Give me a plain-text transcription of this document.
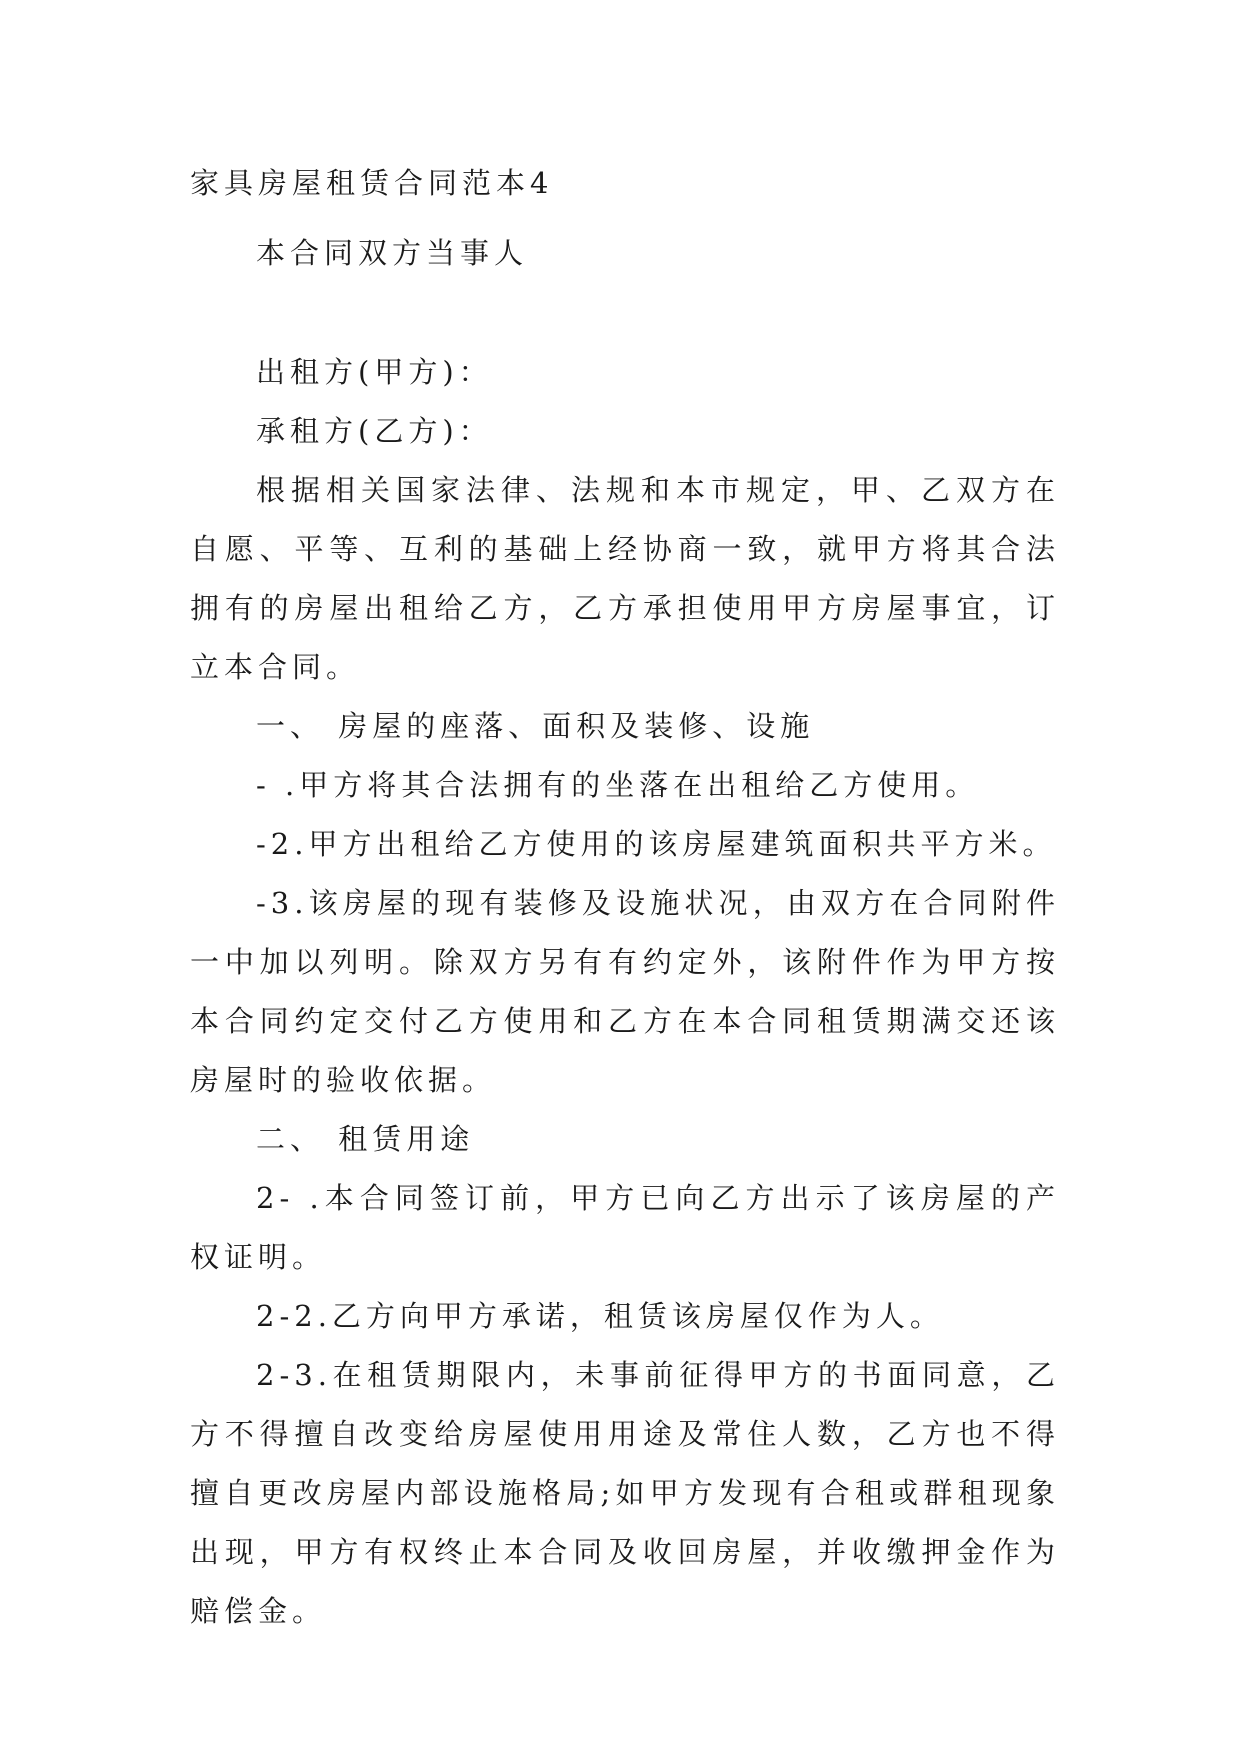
家具房屋租赁合同范本4

本合同双方当事人

出租方(甲方)：

承租方(乙方)：

根据相关国家法律、法规和本市规定，甲、乙双方在自愿、平等、互利的基础上经协商一致，就甲方将其合法拥有的房屋出租给乙方，乙方承担使用甲方房屋事宜，订立本合同。

一、 房屋的座落、面积及装修、设施

- .甲方将其合法拥有的坐落在出租给乙方使用。

-2.甲方出租给乙方使用的该房屋建筑面积共平方米。

-3.该房屋的现有装修及设施状况，由双方在合同附件一中加以列明。除双方另有有约定外，该附件作为甲方按本合同约定交付乙方使用和乙方在本合同租赁期满交还该房屋时的验收依据。

二、 租赁用途

2- .本合同签订前，甲方已向乙方出示了该房屋的产权证明。

2-2.乙方向甲方承诺，租赁该房屋仅作为人。

2-3.在租赁期限内，未事前征得甲方的书面同意，乙方不得擅自改变给房屋使用用途及常住人数，乙方也不得擅自更改房屋内部设施格局;如甲方发现有合租或群租现象出现，甲方有权终止本合同及收回房屋，并收缴押金作为赔偿金。
